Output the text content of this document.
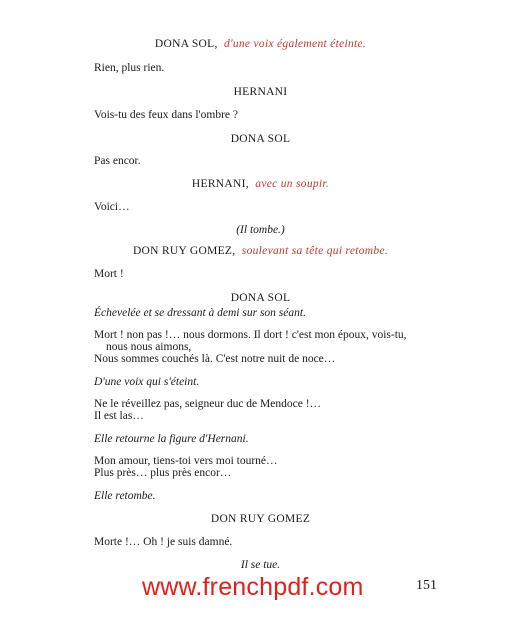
DONA SOL, d'une voix également éteinte.
Rien, plus rien.
HERNANI
Vois-tu des feux dans l'ombre ?
DONA SOL
Pas encor.
HERNANI, avec un soupir.
Voici…
(Il tombe.)
DON RUY GOMEZ, soulevant sa tête qui retombe.
Mort !
DONA SOL
Échevelée et se dressant à demi sur son séant.
Mort ! non pas !… nous dormons. Il dort ! c'est mon époux, vois-tu,
nous nous aimons,
Nous sommes couchés là. C'est notre nuit de noce…
D'une voix qui s'éteint.
Ne le réveillez pas, seigneur duc de Mendoce !…
Il est las…
Elle retourne la figure d'Hernani.
Mon amour, tiens-toi vers moi tourné…
Plus près… plus près encor…
Elle retombe.
DON RUY GOMEZ
Morte !… Oh ! je suis damné.
Il se tue.
www.frenchpdf.com	151
